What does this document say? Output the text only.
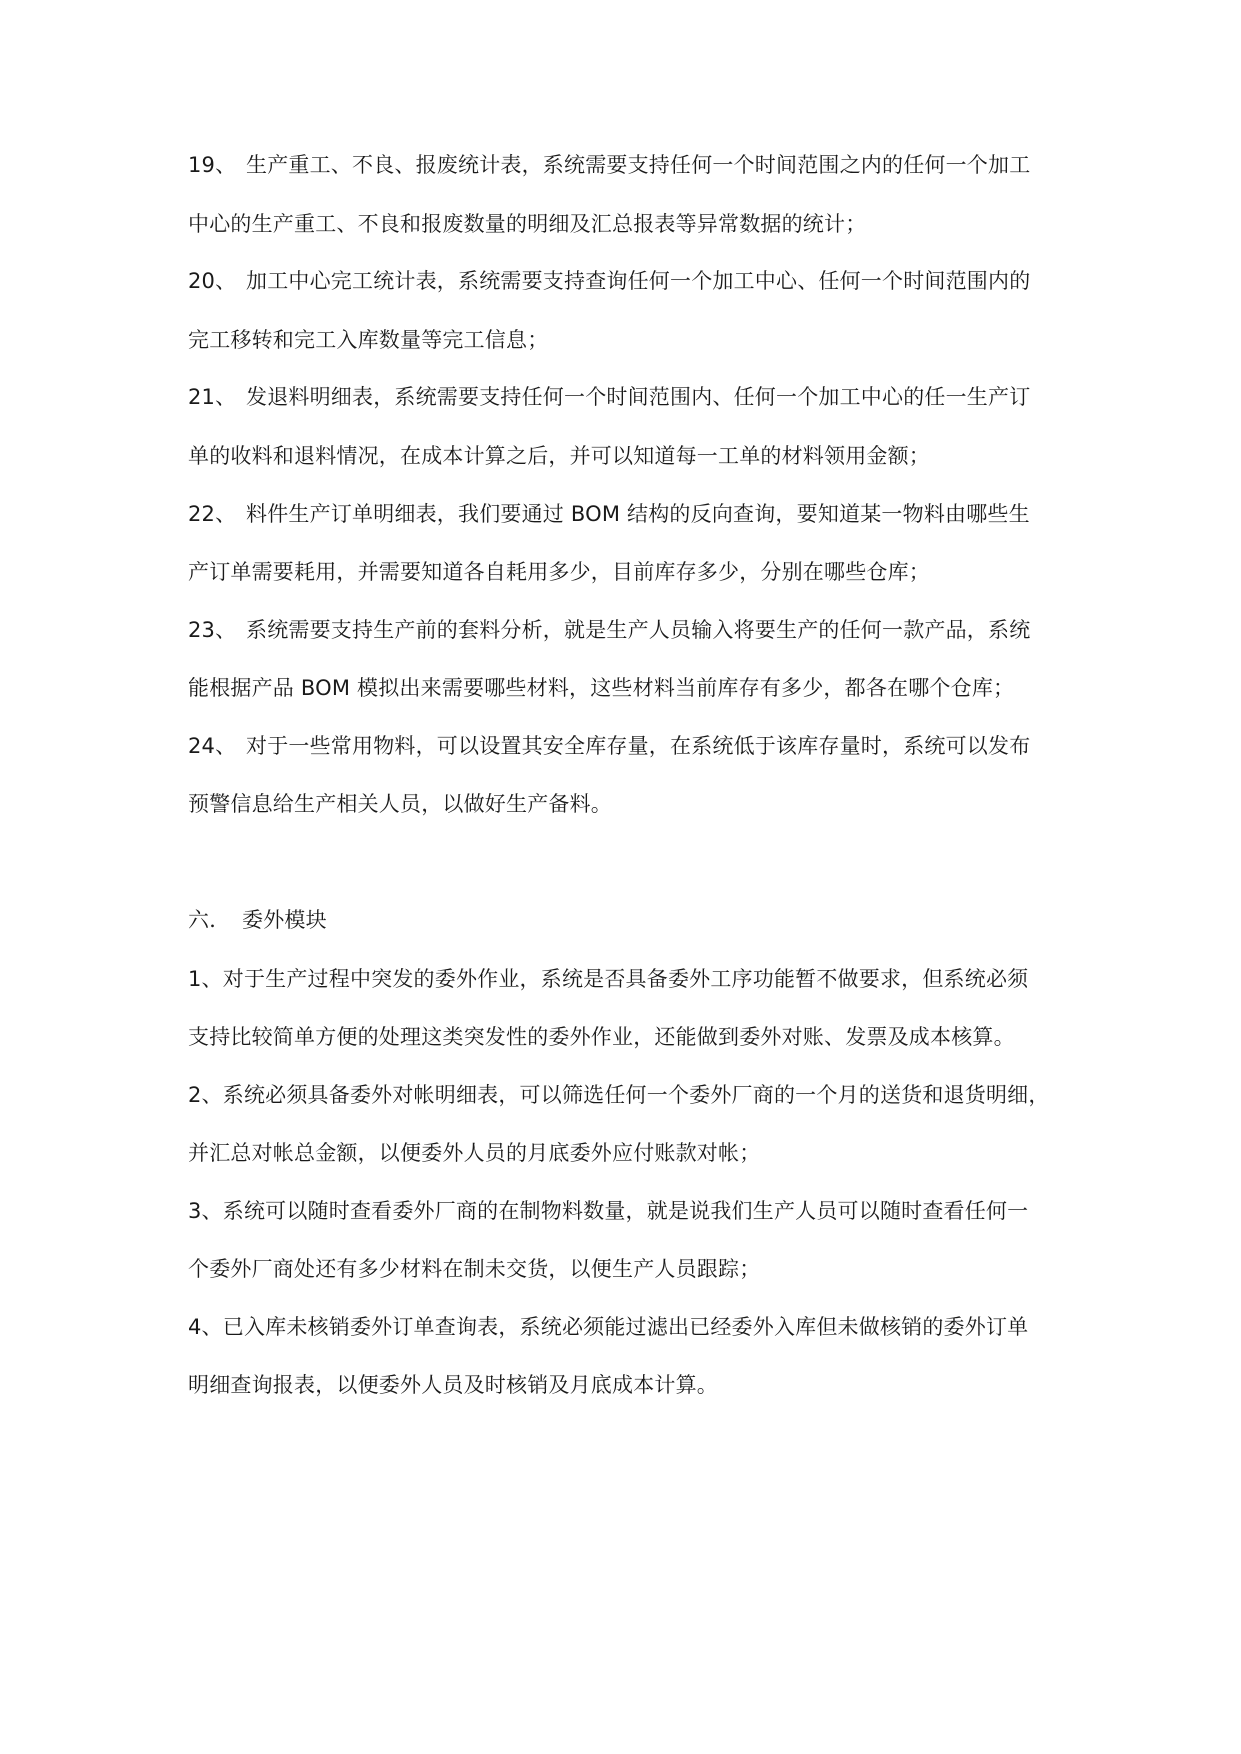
19、 生产重工、不良、报废统计表，系统需要支持任何一个时间范围之内的任何一个加工
中心的生产重工、不良和报废数量的明细及汇总报表等异常数据的统计；
20、 加工中心完工统计表，系统需要支持查询任何一个加工中心、任何一个时间范围内的
完工移转和完工入库数量等完工信息；
21、 发退料明细表，系统需要支持任何一个时间范围内、任何一个加工中心的任一生产订
单的收料和退料情况，在成本计算之后，并可以知道每一工单的材料领用金额；
22、 料件生产订单明细表，我们要通过 BOM 结构的反向查询，要知道某一物料由哪些生
产订单需要耗用，并需要知道各自耗用多少，目前库存多少，分别在哪些仓库；
23、 系统需要支持生产前的套料分析，就是生产人员输入将要生产的任何一款产品，系统
能根据产品 BOM 模拟出来需要哪些材料，这些材料当前库存有多少，都各在哪个仓库；
24、 对于一些常用物料，可以设置其安全库存量，在系统低于该库存量时，系统可以发布
预警信息给生产相关人员，以做好生产备料。
六． 委外模块
1、对于生产过程中突发的委外作业，系统是否具备委外工序功能暂不做要求，但系统必须
支持比较简单方便的处理这类突发性的委外作业，还能做到委外对账、发票及成本核算。
2、系统必须具备委外对帐明细表，可以筛选任何一个委外厂商的一个月的送货和退货明细，
并汇总对帐总金额，以便委外人员的月底委外应付账款对帐；
3、系统可以随时查看委外厂商的在制物料数量，就是说我们生产人员可以随时查看任何一
个委外厂商处还有多少材料在制未交货，以便生产人员跟踪；
4、已入库未核销委外订单查询表，系统必须能过滤出已经委外入库但未做核销的委外订单
明细查询报表，以便委外人员及时核销及月底成本计算。
